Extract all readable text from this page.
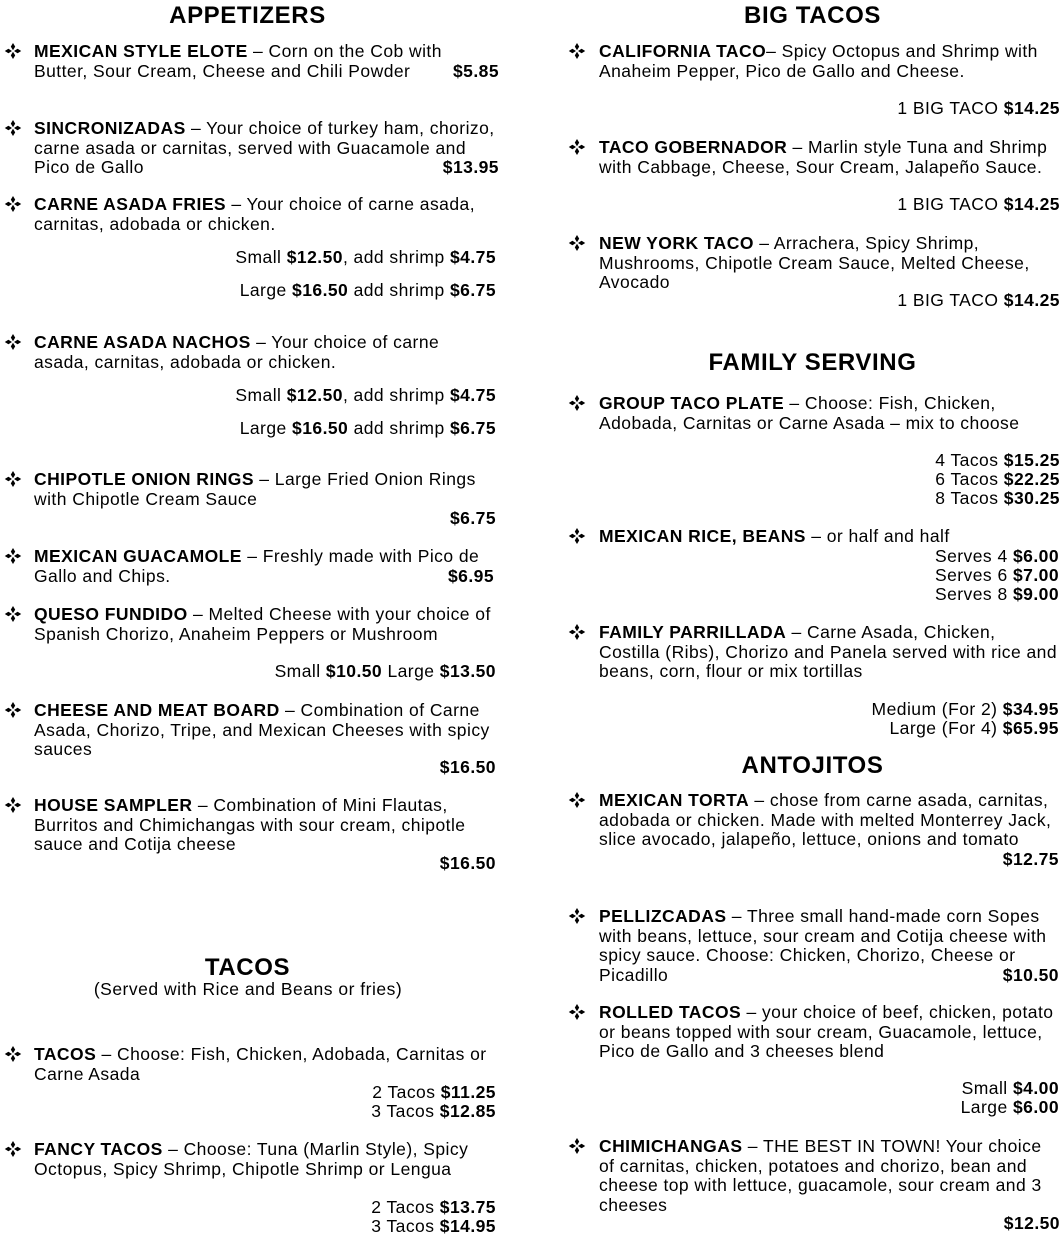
APPETIZERS
MEXICAN STYLE ELOTE – Corn on the Cob with Butter, Sour Cream, Cheese and Chili Powder $5.85
SINCRONIZADAS – Your choice of turkey ham, chorizo, carne asada or carnitas, served with Guacamole and Pico de Gallo	$13.95
CARNE ASADA FRIES – Your choice of carne asada, carnitas, adobada or chicken.
Small $12.50, add shrimp $4.75
Large $16.50 add shrimp $6.75
CARNE ASADA NACHOS – Your choice of carne asada, carnitas, adobada or chicken.
Small $12.50, add shrimp $4.75
Large $16.50 add shrimp $6.75
CHIPOTLE ONION RINGS – Large Fried Onion Rings with Chipotle Cream Sauce
$6.75
MEXICAN GUACAMOLE – Freshly made with Pico de Gallo and Chips.	$6.95
QUESO FUNDIDO – Melted Cheese with your choice of Spanish Chorizo, Anaheim Peppers or Mushroom
Small $10.50 Large $13.50
CHEESE AND MEAT BOARD – Combination of Carne Asada, Chorizo, Tripe, and Mexican Cheeses with spicy sauces
$16.50
HOUSE SAMPLER – Combination of Mini Flautas, Burritos and Chimichangas with sour cream, chipotle sauce and Cotija cheese
$16.50
TACOS
(Served with Rice and Beans or fries)
TACOS – Choose: Fish, Chicken, Adobada, Carnitas or Carne Asada
2 Tacos $11.25
3 Tacos $12.85
FANCY TACOS – Choose: Tuna (Marlin Style), Spicy Octopus, Spicy Shrimp, Chipotle Shrimp or Lengua
2 Tacos $13.75
3 Tacos $14.95
BIG TACOS
CALIFORNIA TACO– Spicy Octopus and Shrimp with Anaheim Pepper, Pico de Gallo and Cheese.
1 BIG TACO $14.25
TACO GOBERNADOR – Marlin style Tuna and Shrimp with Cabbage, Cheese, Sour Cream, Jalapeño Sauce.
1 BIG TACO $14.25
NEW YORK TACO – Arrachera, Spicy Shrimp, Mushrooms, Chipotle Cream Sauce, Melted Cheese, Avocado
1 BIG TACO $14.25
FAMILY SERVING
GROUP TACO PLATE – Choose: Fish, Chicken, Adobada, Carnitas or Carne Asada – mix to choose
4 Tacos $15.25
6 Tacos $22.25
8 Tacos $30.25
MEXICAN RICE, BEANS – or half and half
Serves 4 $6.00
Serves 6 $7.00
Serves 8 $9.00
FAMILY PARRILLADA – Carne Asada, Chicken, Costilla (Ribs), Chorizo and Panela served with rice and beans, corn, flour or mix tortillas
Medium (For 2) $34.95
Large (For 4) $65.95
ANTOJITOS
MEXICAN TORTA – chose from carne asada, carnitas, adobada or chicken. Made with melted Monterrey Jack, slice avocado, jalapeño, lettuce, onions and tomato
$12.75
PELLIZCADAS – Three small hand-made corn Sopes with beans, lettuce, sour cream and Cotija cheese with spicy sauce. Choose: Chicken, Chorizo, Cheese or Picadillo	$10.50
ROLLED TACOS – your choice of beef, chicken, potato or beans topped with sour cream, Guacamole, lettuce, Pico de Gallo and 3 cheeses blend
Small $4.00
Large $6.00
CHIMICHANGAS – THE BEST IN TOWN! Your choice of carnitas, chicken, potatoes and chorizo, bean and cheese top with lettuce, guacamole, sour cream and 3 cheeses
$12.50
